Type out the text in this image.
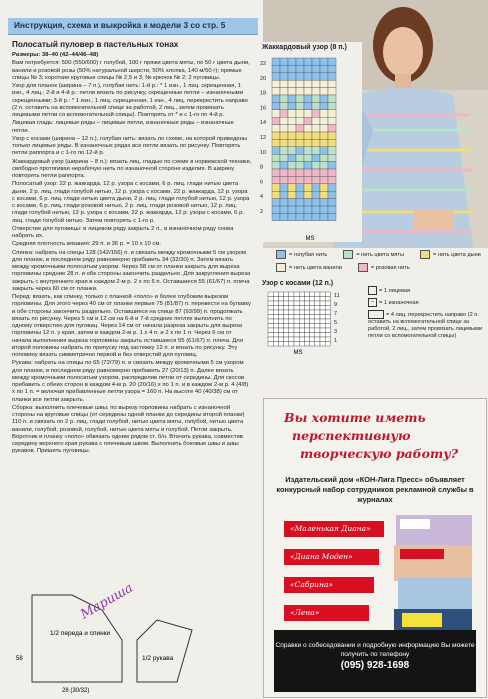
Инструкция, схема и выкройка к модели 3 со стр. 5
Полосатый пуловер в пастельных тонах

Размеры: 38–40 (42–44/46–48)

Вам потребуется: 500 (550/600) г голубой, 100 г пряжи цвета мяты, по 50 г цвета дыни, ванили и розовой розы (50% натуральной шерсти, 50% хлопка, 140 м/50 г); прямые спицы № 3; короткие круговые спицы № 2,5 и 3; № крючок № 2; 2 пуговицы.

Узор для планок (ширина – 7 п.), голубая нить: 1-й р.: * 1 изн., 1 лиц. скрещенная, 1 изн., 4 лиц.; 2-й и 4-й р.: петли вязать по рисунку, скрещенные петли – изнаночными скрещенными; 3-й р.: * 1 изн., 1 лиц. скрещенная, 1 изн., 4 лиц. перекрестить направо (2 п. оставить на вспомогательной спице за работой, 2 лиц., затем провязать лицевыми петли со вспомогательной спицы). Повторять от * и с 1-го по 4-й р.

Лицевая гладь: лицевые ряды – лицевые петли, изнаночные ряды – изнаночные петли.

Узор с косами (ширина – 12 п.), голубая нить: вязать по схеме, на которой приведены только лицевые ряды. В изнаночных рядах все петли вязать по рисунку. Повторять петли раппорта и с 1-го по 12-й р.

Жаккардовый узор (ширина – 8 п.): вязать лиц. гладью по схеме в норвежской технике, свободно протягивая нерабочую нить по изнаночной стороне изделия. В ширину повторять петли раппорта.

Полосатый узор: 22 р. жаккарда, 12 р. узора с косами, 6 р. лиц. глади нитью цвета дыни, 2 р. лиц. глади голубой нитью, 12 р. узора с косами, 22 р. жаккарда, 12 р. узора с косами, 6 р. лиц. глади нитью цвета дыни, 2 р. лиц. глади голубой нитью, 12 р. узора с косами, 6 р. лиц. глади розовой нитью, 2 р. лиц. глади розовой нитью, 12 р. лиц. глади голубой нитью, 12 р. узора с косами, 22 р. жаккарда, 12 р. узора с косами, 6 р. лиц. глади голубой нитью. Затем повторять с 1-го р.

Отверстие для пуговицы: в лицевом ряду закрыть 2 п., в изнаночном ряду снова набрать их.

Средняя плотность вязания: 29 п. и 36 р. = 10 х 10 см.

Спинка: набрать на спицы 128 (142/156) п. и связать между кромочными 5 см узором для планок, в последнем ряду равномерно прибавить 34 (32/30) п. Затем вязать между кромочными полосатым узором. Через 58 см от планки закрыть для выреза горловины средние 28 п. и обе стороны закончить раздельно. Для закругления выреза закрыть с внутреннего края в каждом 2-м р. 2 х по 6 п. Оставшиеся 55 (61/67) п. плеча закрыть через 60 см от планки.

Перед: вязать, как спинку, только с планкой «поло» и более глубоким вырезом горловины. Для этого через 40 см от планки первые 75 (81/87) п. перевести на булавку и обе стороны закончить раздельно. Оставшиеся на спице 87 (93/99) п. продолжать вязать по рисунку. Через 5 см и 12 см на 6-й и 7-й средних петлях выполнить по одному отверстию для пуговиц. Через 14 см от начала разреза закрыть для выреза горловины 12 п. у края, затем в каждом 2-м р. 1 х 4 п. и 2 х по 1 п. Через 6 см от начала выполнения выреза горловины закрыть оставшиеся 55 (61/67) п. плеча. Для второй половины набрать по припуску под застежку 12 п. и вязать по рисунку. Эту половину вязать симметрично первой и без отверстий для пуговиц.

Рукава: набрать на спицы по 65 (72/79) п. и связать между кромочными 5 см узором для планок, в последнем ряду равномерно прибавить 27 (20/13) п. Далее вязать между кромочными полосатым узором, распределив петли от середины. Для скосов прибавить с обеих сторон в каждом 4-м р. 20 (20/16) х по 1 п. и в каждом 2-м р. 4 (4/8) х по 1 п. = включая прибавленные петли узора = 160 п. На высоте 40 (40/38) см от планки все петли закрыть.

Сборка: выполнить плечевые швы; по вырезу горловины набрать с изнаночной стороны на круговые спицы (от середины одной планки до середины второй планки) 110 п. и связать по 2 р. лиц. глади голубой, нитью цвета мяты, голубой, нитью цвета ванили, голубой, розовой, голубой, нитью цвета мяты и голубой. Петли закрыть. Воротник и планку «поло» обвязать одним рядом ст. б/н. Втачать рукава, совместив середину верхнего края рукава с плечевым швом. Выполнить боковые швы и швы рукавов. Пришить пуговицы.

Жаккардовый узор (8 п.)
22
20
18
16
14
12
10
8
6
4
2
MS
= голубая нить	= нить цвета мяты	= нить цвета дыни
= нить цвета ванили	= розовая нить
Узор с косами (12 п.)
11
9
7
5
3
1
MS
= 1 лицевая
– = 1 изнаночная
= 4 лиц. перекрестить направо (2 п. оставить на вспомогательной спице за работой, 2 лиц., затем провязать лицевыми петли со вспомогательной спицы)
Вы хотите иметь
перспективную
творческую работу?
Издательский дом «КОН-Лига Пресс» объявляет конкурсный набор сотрудников рекламной службы в журналах
«Маленькая Диана»
«Диана Моден»
«Сабрина»
«Лена»
Справки о собеседовании и подробную информацию Вы можете получить по телефону
(095) 928-1698
1/2 переда и спинки
1/2 рукава
28 (30/32)
58
Мариша
